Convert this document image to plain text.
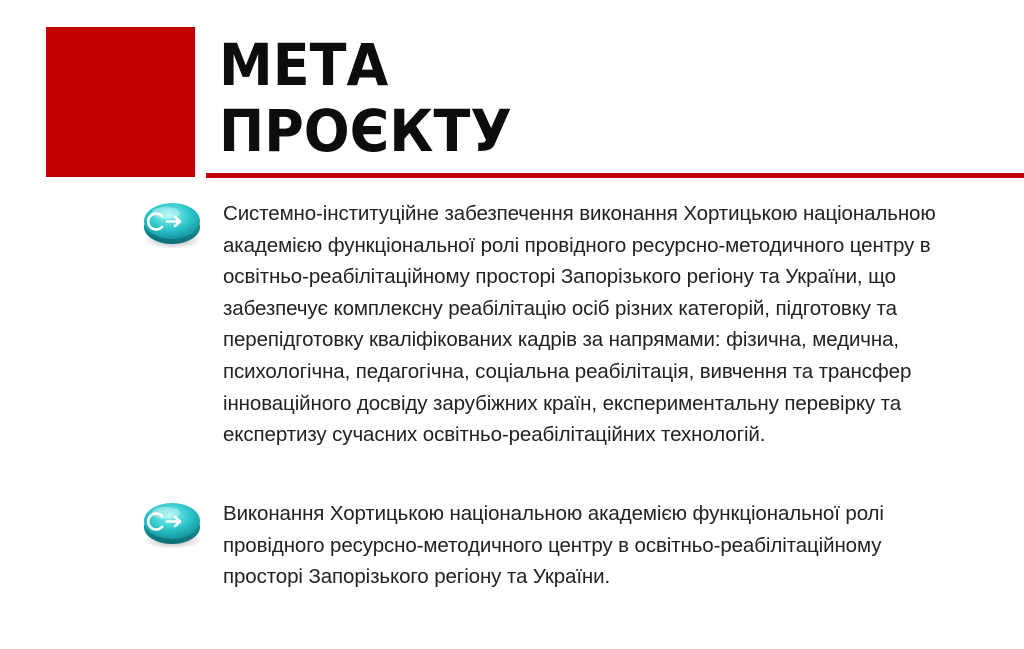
МЕТА
ПРОЄКТУ

Системно-інституційне забезпечення виконання Хортицькою національною академією функціональної ролі провідного ресурсно-методичного центру в освітньо-реабілітаційному просторі Запорізького регіону та України, що забезпечує комплексну реабілітацію осіб різних категорій, підготовку та перепідготовку кваліфікованих кадрів за напрямами: фізична, медична, психологічна, педагогічна, соціальна реабілітація, вивчення та трансфер інноваційного досвіду зарубіжних країн, експериментальну перевірку та експертизу сучасних освітньо-реабілітаційних технологій.

Виконання Хортицькою національною академією функціональної ролі провідного ресурсно-методичного центру в освітньо-реабілітаційному просторі Запорізького регіону та України.
